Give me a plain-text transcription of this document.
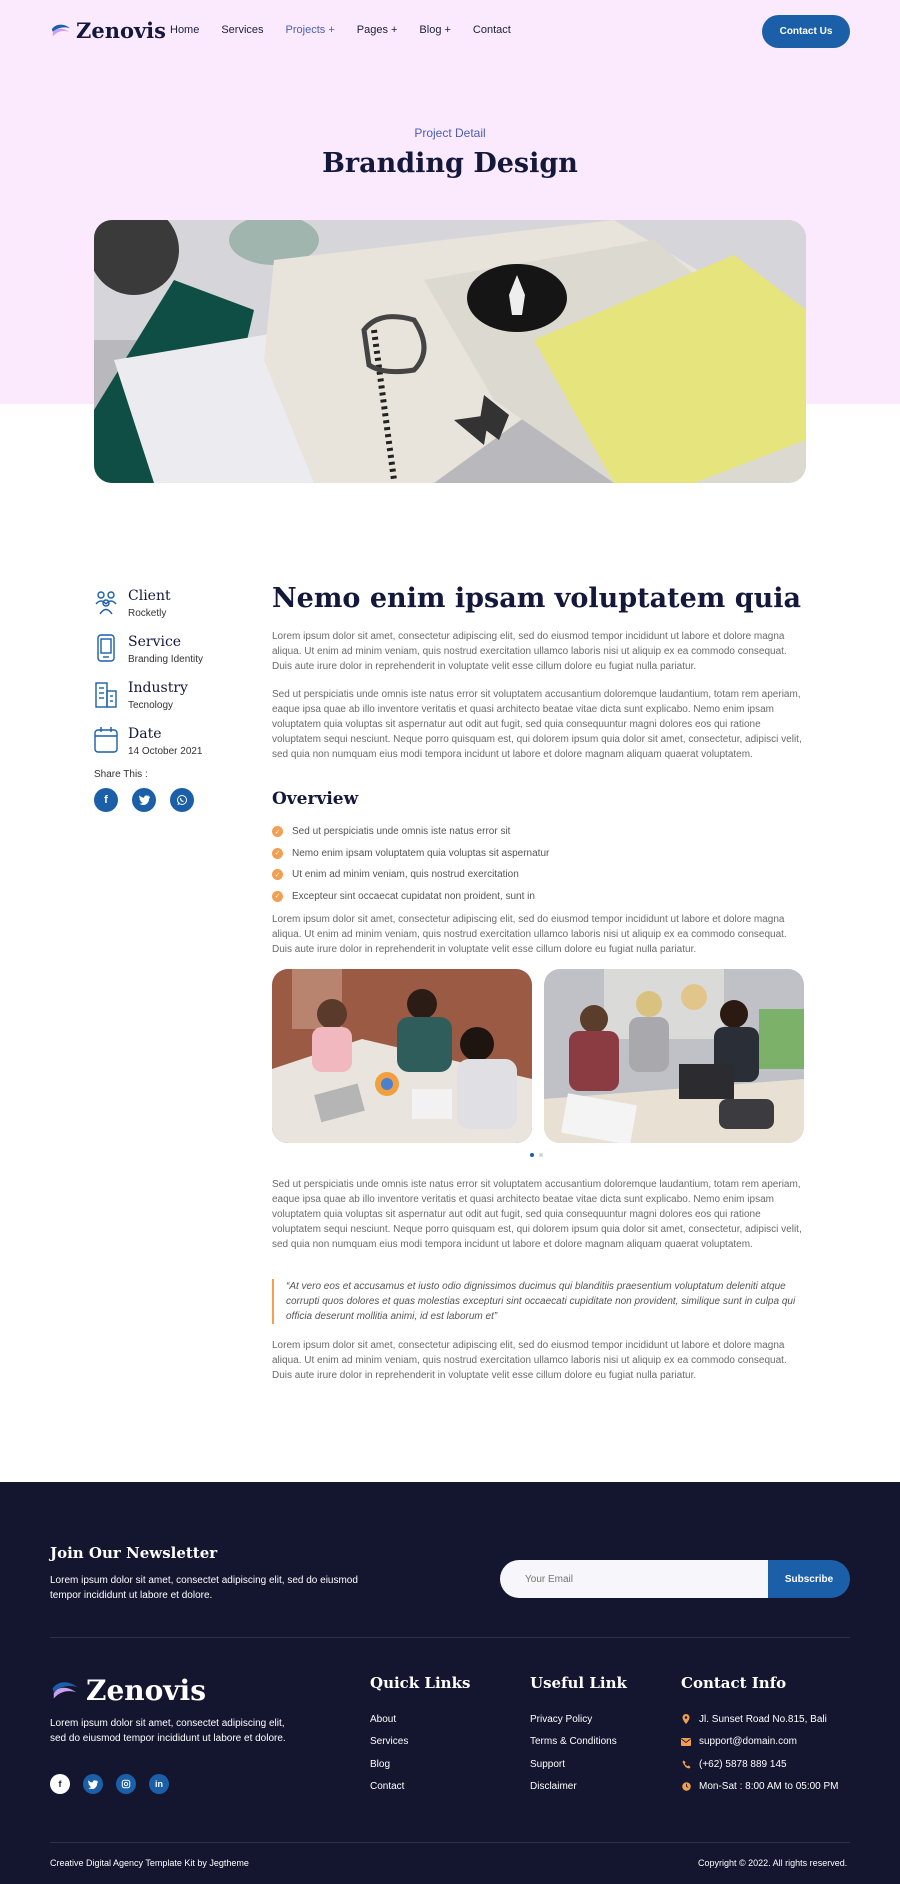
Zenovis Home Services Projects + Pages + Blog + Contact	Contact Us
Project Detail
Branding Design
Client
Rocketly
Service
Branding Identity
Industry
Tecnology
Date
14 October 2021
Share This :
f
Nemo enim ipsam voluptatem quia

Lorem ipsum dolor sit amet, consectetur adipiscing elit, sed do eiusmod tempor incididunt ut labore et dolore magna aliqua. Ut enim ad minim veniam, quis nostrud exercitation ullamco laboris nisi ut aliquip ex ea commodo consequat. Duis aute irure dolor in reprehenderit in voluptate velit esse cillum dolore eu fugiat nulla pariatur.

Sed ut perspiciatis unde omnis iste natus error sit voluptatem accusantium doloremque laudantium, totam rem aperiam, eaque ipsa quae ab illo inventore veritatis et quasi architecto beatae vitae dicta sunt explicabo. Nemo enim ipsam voluptatem quia voluptas sit aspernatur aut odit aut fugit, sed quia consequuntur magni dolores eos qui ratione voluptatem sequi nesciunt. Neque porro quisquam est, qui dolorem ipsum quia dolor sit amet, consectetur, adipisci velit, sed quia non numquam eius modi tempora incidunt ut labore et dolore magnam aliquam quaerat voluptatem.

Overview
✓ Sed ut perspiciatis unde omnis iste natus error sit
✓ Nemo enim ipsam voluptatem quia voluptas sit aspernatur
✓ Ut enim ad minim veniam, quis nostrud exercitation
✓ Excepteur sint occaecat cupidatat non proident, sunt in

Lorem ipsum dolor sit amet, consectetur adipiscing elit, sed do eiusmod tempor incididunt ut labore et dolore magna aliqua. Ut enim ad minim veniam, quis nostrud exercitation ullamco laboris nisi ut aliquip ex ea commodo consequat. Duis aute irure dolor in reprehenderit in voluptate velit esse cillum dolore eu fugiat nulla pariatur.

Sed ut perspiciatis unde omnis iste natus error sit voluptatem accusantium doloremque laudantium, totam rem aperiam, eaque ipsa quae ab illo inventore veritatis et quasi architecto beatae vitae dicta sunt explicabo. Nemo enim ipsam voluptatem quia voluptas sit aspernatur aut odit aut fugit, sed quia consequuntur magni dolores eos qui ratione voluptatem sequi nesciunt. Neque porro quisquam est, qui dolorem ipsum quia dolor sit amet, consectetur, adipisci velit, sed quia non numquam eius modi tempora incidunt ut labore et dolore magnam aliquam quaerat voluptatem.

“At vero eos et accusamus et iusto odio dignissimos ducimus qui blanditiis praesentium voluptatum deleniti atque corrupti quos dolores et quas molestias excepturi sint occaecati cupiditate non provident, similique sunt in culpa qui officia deserunt mollitia animi, id est laborum et”

Lorem ipsum dolor sit amet, consectetur adipiscing elit, sed do eiusmod tempor incididunt ut labore et dolore magna aliqua. Ut enim ad minim veniam, quis nostrud exercitation ullamco laboris nisi ut aliquip ex ea commodo consequat. Duis aute irure dolor in reprehenderit in voluptate velit esse cillum dolore eu fugiat nulla pariatur.

Join Our Newsletter
Lorem ipsum dolor sit amet, consectet adipiscing elit, sed do eiusmod tempor incididunt ut labore et dolore.
Your Email
Subscribe
Zenovis
Lorem ipsum dolor sit amet, consectet adipiscing elit, sed do eiusmod tempor incididunt ut labore et dolore.
f	in
Quick Links
About
Services
Blog
Contact
Useful Link
Privacy Policy
Terms & Conditions
Support
Disclaimer
Contact Info
Jl. Sunset Road No.815, Bali
support@domain.com
(+62) 5878 889 145
Mon-Sat : 8:00 AM to 05:00 PM
Creative Digital Agency Template Kit by Jegtheme	Copyright © 2022. All rights reserved.
